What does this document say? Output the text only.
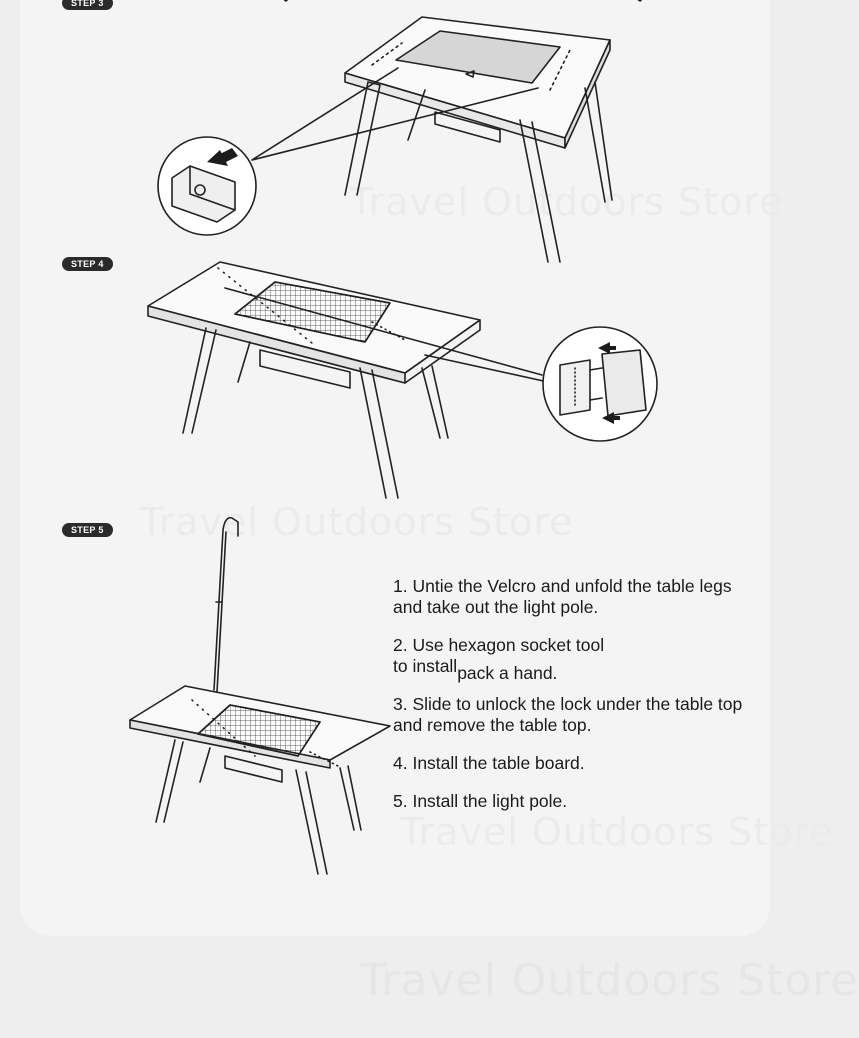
Travel Outdoors Store
Travel Outdoors Store
Travel Outdoors Store
Travel Outdoors Store
STEP 3
STEP 4
STEP 5

1. Untie the Velcro and unfold the table legs and take out the light pole.

2. Use hexagon socket tool
to installpack a hand.

3. Slide to unlock the lock under the table top and remove the table top.

4. Install the table board.

5. Install the light pole.
